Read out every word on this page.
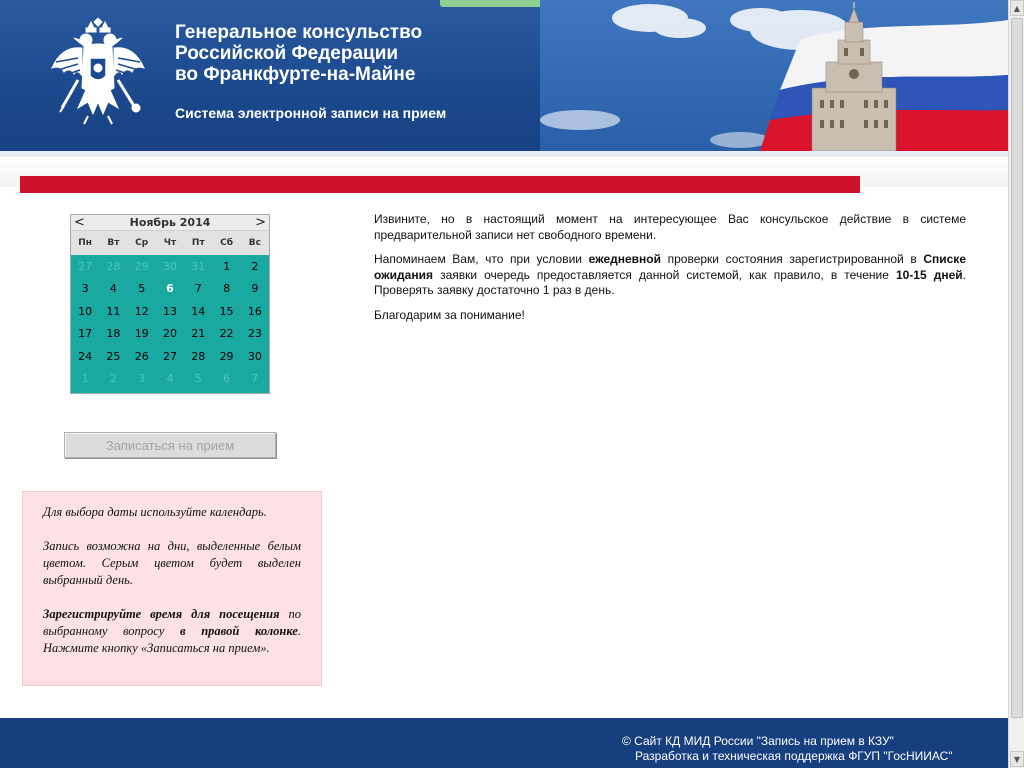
Генеральное консульство
Российской Федерации
во Франкфурте-на-Майне
Система электронной записи на прием
▲
▼
<	Ноябрь 2014	>
Пн	Вт	Ср	Чт	Пт	Сб	Вс
27	28	29	30	31	1	2
3	4	5	6	7	8	9
10	11	12	13	14	15	16
17	18	19	20	21	22	23
24	25	26	27	28	29	30
1	2	3	4	5	6	7
Записаться на прием

Для выбора даты используйте календарь.

Запись возможна на дни, выделенные белым цветом. Серым цветом будет выделен выбранный день.

Зарегистрируйте время для посещения по выбранному вопросу в правой колонке. Нажмите кнопку «Записаться на прием».

Извините, но в настоящий момент на интересующее Вас консульское действие в системе предварительной записи нет свободного времени.

Напоминаем Вам, что при условии ежедневной проверки состояния зарегистрированной в Списке ожидания заявки очередь предоставляется данной системой, как правило, в течение 10-15 дней. Проверять заявку достаточно 1 раз в день.

Благодарим за понимание!

© Сайт КД МИД России "Запись на прием в КЗУ"
Разработка и техническая поддержка ФГУП "ГосНИИАС"
